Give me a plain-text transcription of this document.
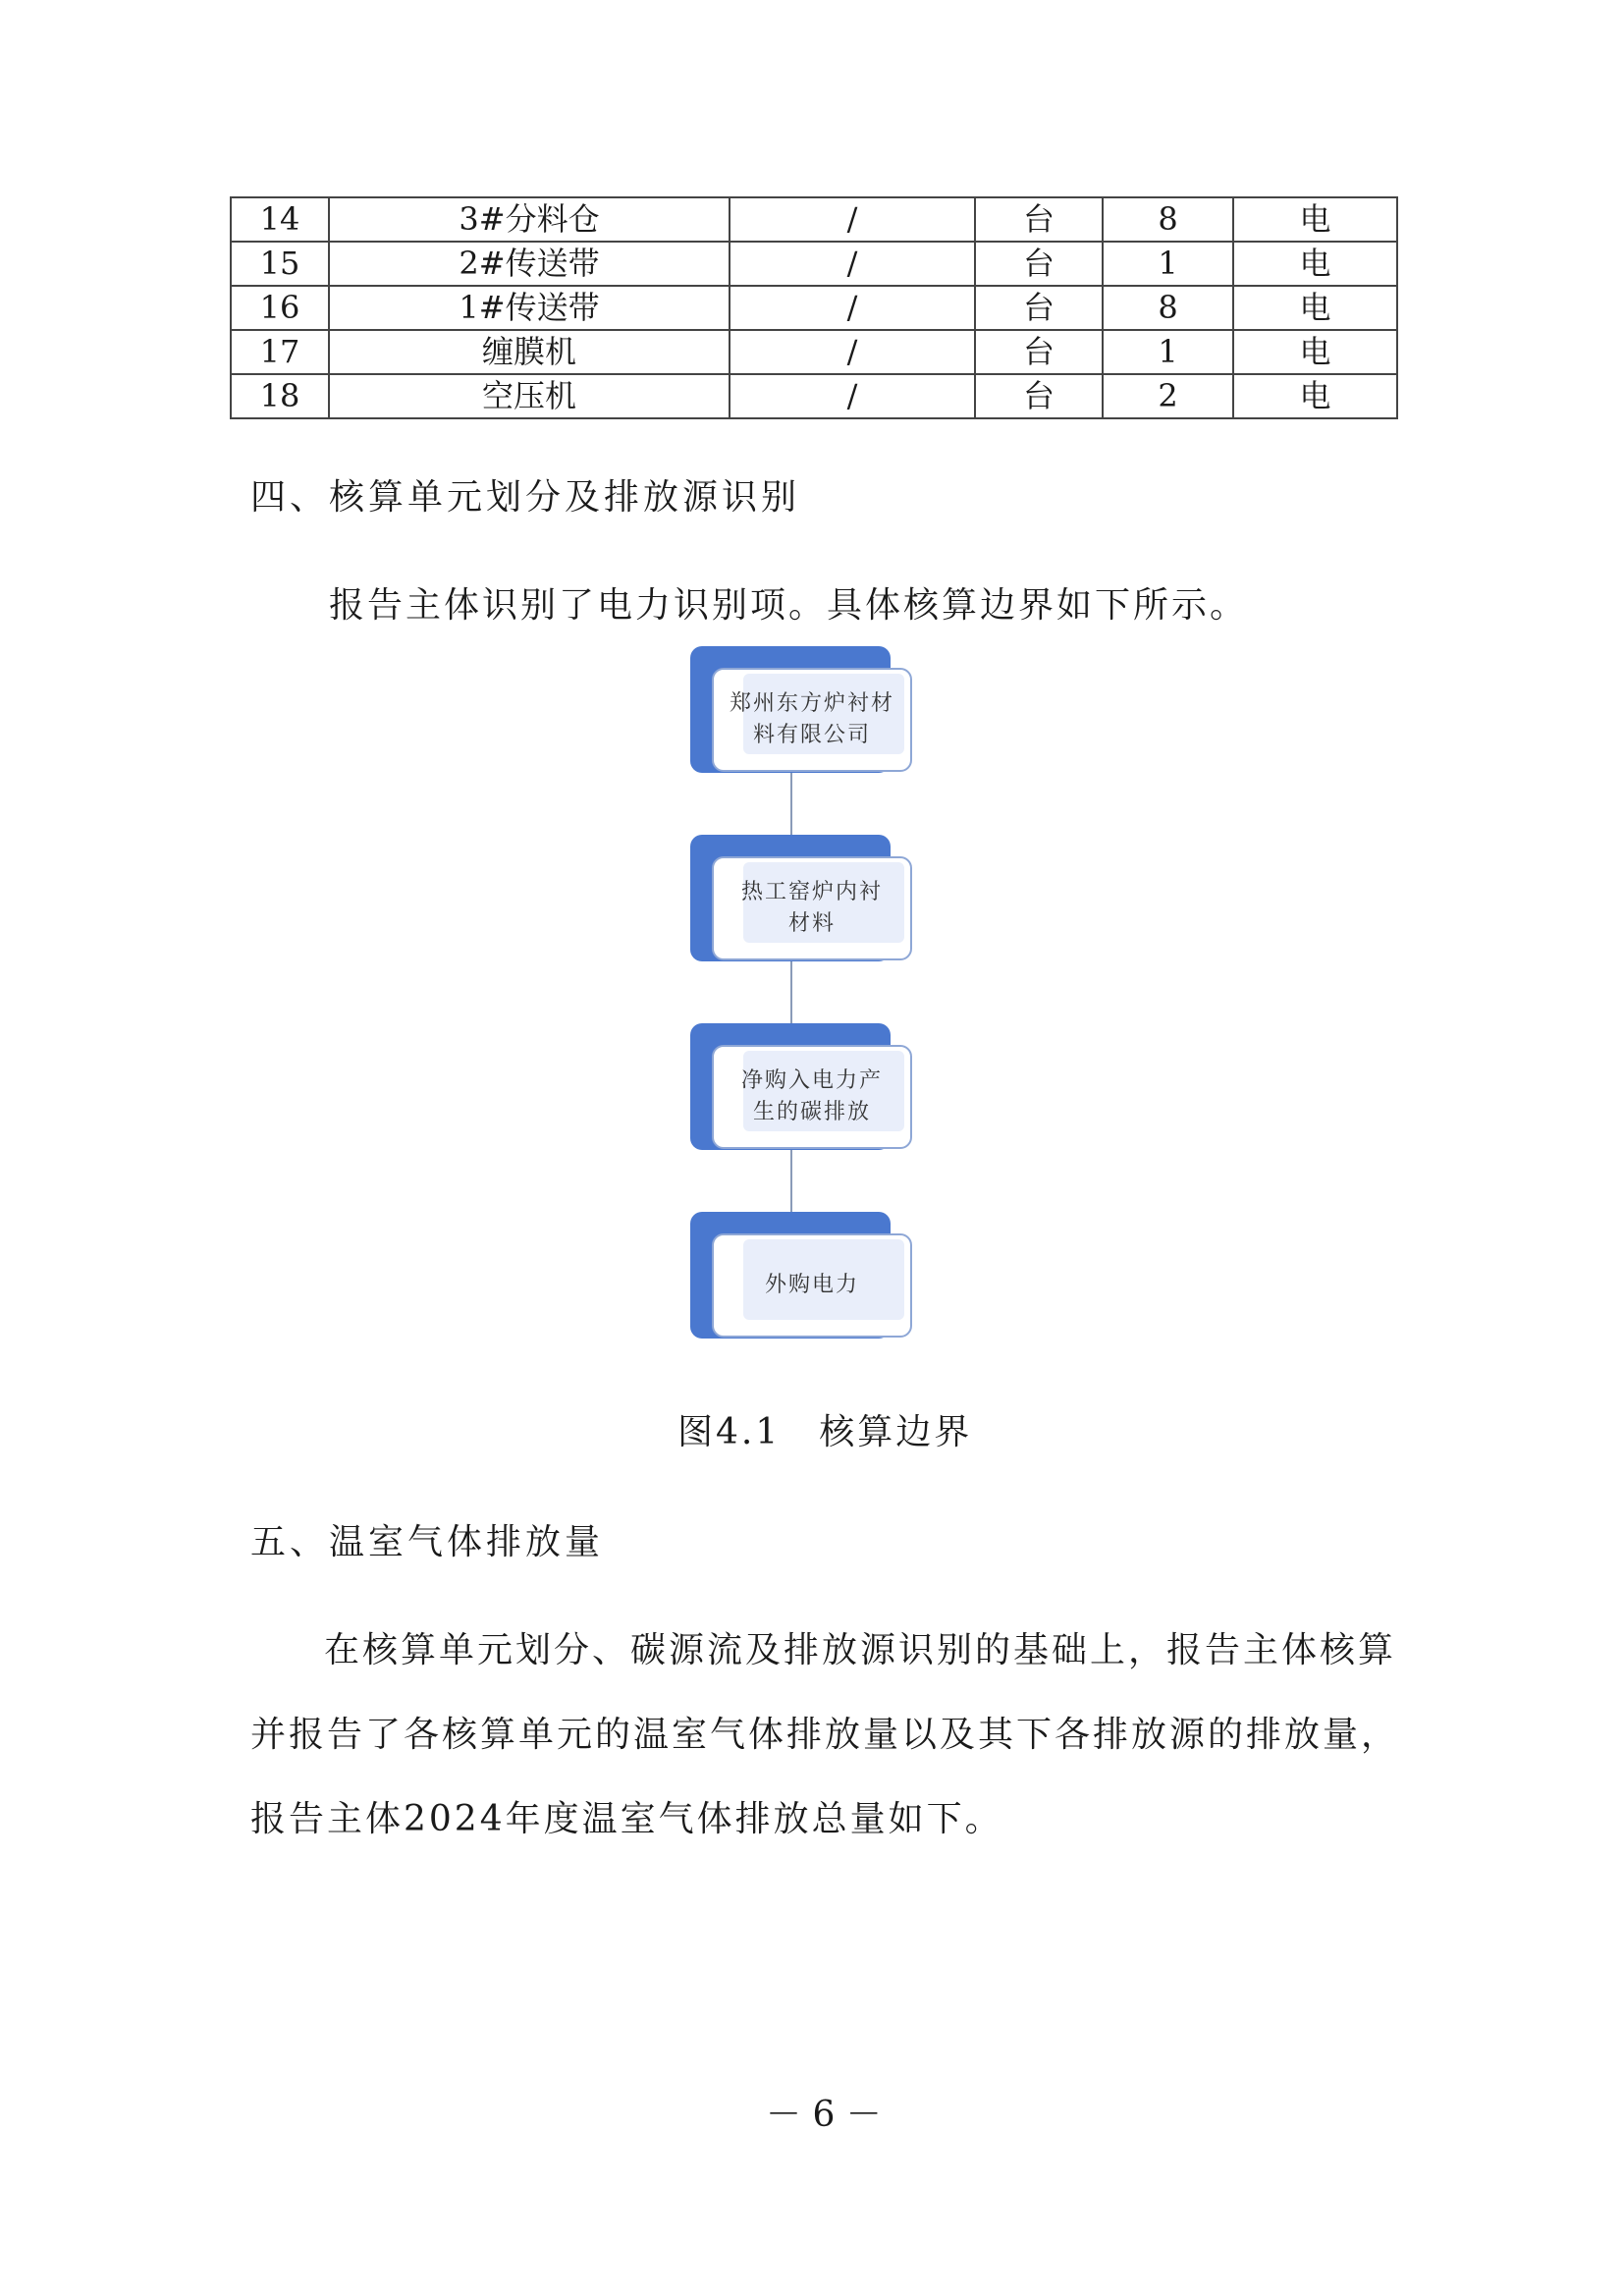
14	3#分料仓	/	台	8	电
15	2#传送带	/	台	1	电
16	1#传送带	/	台	8	电
17	缠膜机	/	台	1	电
18	空压机	/	台	2	电
四、核算单元划分及排放源识别

报告主体识别了电力识别项。具体核算边界如下所示。

郑州东方炉衬材
料有限公司
热工窑炉内衬
材料
净购入电力产
生的碳排放
外购电力

图4.1　核算边界

五、温室气体排放量

在核算单元划分、碳源流及排放源识别的基础上，报告主体核算

并报告了各核算单元的温室气体排放量以及其下各排放源的排放量，

报告主体2024年度温室气体排放总量如下。

－ 6 －
